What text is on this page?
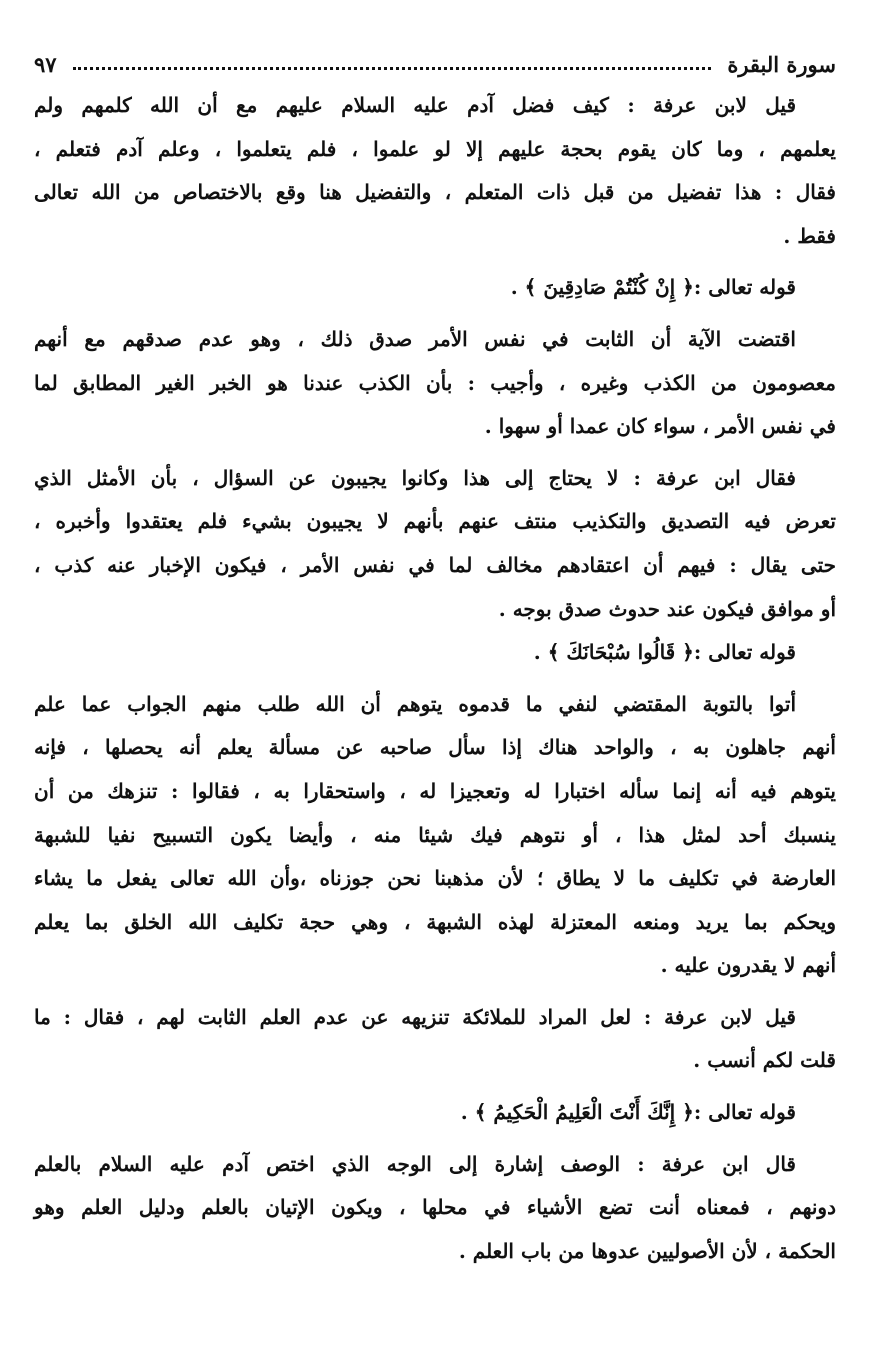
سورة البقرة
٩٧

قيل لابن عرفة : كيف فضل آدم عليه السلام عليهم مع أن الله كلمهم ولم
يعلمهم ، وما كان يقوم بحجة عليهم إلا لو علموا ، فلم يتعلموا ، وعلم آدم فتعلم ،
فقال : هذا تفضيل من قبل ذات المتعلم ، والتفضيل هنا وقع بالاختصاص من الله تعالى
فقط .

قوله تعالى :﴿ إِنْ كُنْتُمْ صَادِقِينَ ﴾ .

اقتضت الآية أن الثابت في نفس الأمر صدق ذلك ، وهو عدم صدقهم مع أنهم
معصومون من الكذب وغيره ، وأجيب : بأن الكذب عندنا هو الخبر الغير المطابق لما
في نفس الأمر ، سواء كان عمدا أو سهوا .

فقال ابن عرفة : لا يحتاج إلى هذا وكانوا يجيبون عن السؤال ، بأن الأمثل الذي
تعرض فيه التصديق والتكذيب منتف عنهم بأنهم لا يجيبون بشيء فلم يعتقدوا وأخبره ،
حتى يقال : فيهم أن اعتقادهم مخالف لما في نفس الأمر ، فيكون الإخبار عنه كذب ،
أو موافق فيكون عند حدوث صدق بوجه .

قوله تعالى :﴿ قَالُوا سُبْحَانَكَ ﴾ .

أتوا بالتوبة المقتضي لنفي ما قدموه يتوهم أن الله طلب منهم الجواب عما علم
أنهم جاهلون به ، والواحد هناك إذا سأل صاحبه عن مسألة يعلم أنه يحصلها ، فإنه
يتوهم فيه أنه إنما سأله اختبارا له وتعجيزا له ، واستحقارا به ، فقالوا : تنزهك من أن
ينسبك أحد لمثل هذا ، أو نتوهم فيك شيئا منه ، وأيضا يكون التسبيح نفيا للشبهة
العارضة في تكليف ما لا يطاق ؛ لأن مذهبنا نحن جوزناه ،وأن الله تعالى يفعل ما يشاء
ويحكم بما يريد ومنعه المعتزلة لهذه الشبهة ، وهي حجة تكليف الله الخلق بما يعلم
أنهم لا يقدرون عليه .

قيل لابن عرفة : لعل المراد للملائكة تنزيهه عن عدم العلم الثابت لهم ، فقال : ما
قلت لكم أنسب .

قوله تعالى :﴿ إِنَّكَ أَنْتَ الْعَلِيمُ الْحَكِيمُ ﴾ .

قال ابن عرفة : الوصف إشارة إلى الوجه الذي اختص آدم عليه السلام بالعلم
دونهم ، فمعناه أنت تضع الأشياء في محلها ، ويكون الإتيان بالعلم ودليل العلم وهو
الحكمة ، لأن الأصوليين عدوها من باب العلم .
